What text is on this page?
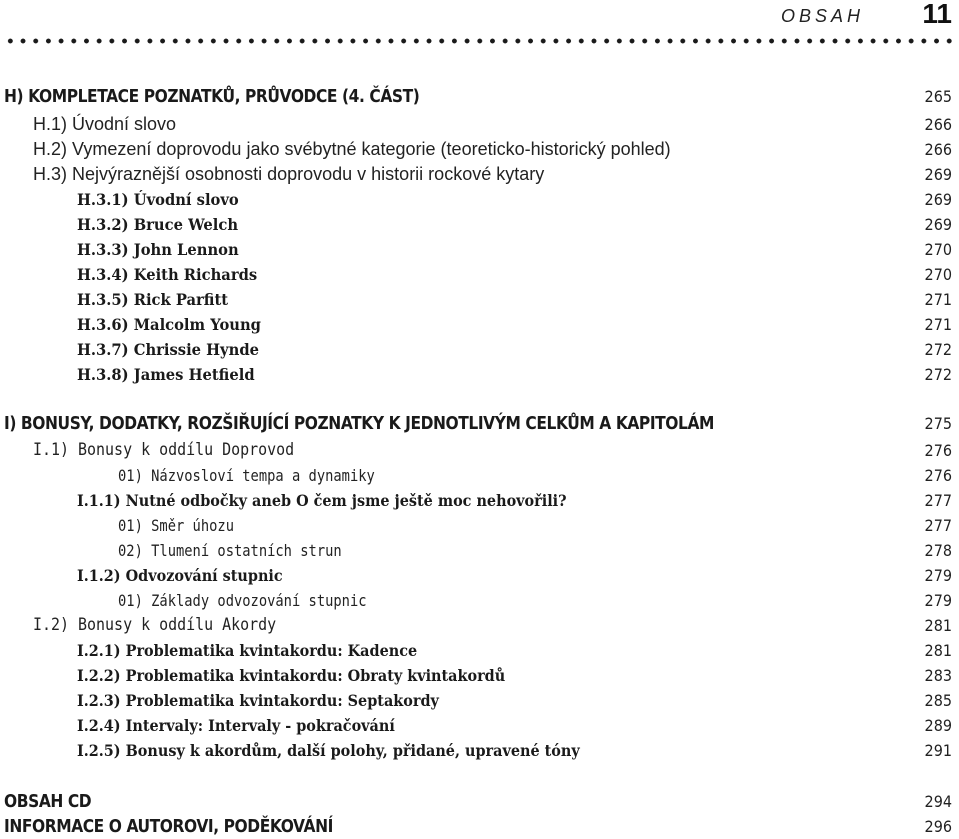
OBSAH 11
H) KOMPLETACE POZNATKŮ, PRŮVODCE (4. ČÁST)	265
H.1) Úvodní slovo	266
H.2) Vymezení doprovodu jako svébytné kategorie (teoreticko-historický pohled)	266
H.3) Nejvýraznější osobnosti doprovodu v historii rockové kytary	269
H.3.1) Úvodní slovo	269
H.3.2) Bruce Welch	269
H.3.3) John Lennon	270
H.3.4) Keith Richards	270
H.3.5) Rick Parfitt	271
H.3.6) Malcolm Young	271
H.3.7) Chrissie Hynde	272
H.3.8) James Hetfield	272
I) BONUSY, DODATKY, ROZŠIŘUJÍCÍ POZNATKY K JEDNOTLIVÝM CELKŮM A KAPITOLÁM	275
I.1) Bonusy k oddílu Doprovod	276
01) Názvosloví tempa a dynamiky	276
I.1.1) Nutné odbočky aneb O čem jsme ještě moc nehovořili?	277
01) Směr úhozu	277
02) Tlumení ostatních strun	278
I.1.2) Odvozování stupnic	279
01) Základy odvozování stupnic	279
I.2) Bonusy k oddílu Akordy	281
I.2.1) Problematika kvintakordu: Kadence	281
I.2.2) Problematika kvintakordu: Obraty kvintakordů	283
I.2.3) Problematika kvintakordu: Septakordy	285
I.2.4) Intervaly: Intervaly - pokračování	289
I.2.5) Bonusy k akordům, další polohy, přidané, upravené tóny	291
OBSAH CD	294
INFORMACE O AUTOROVI, PODĚKOVÁNÍ	296
